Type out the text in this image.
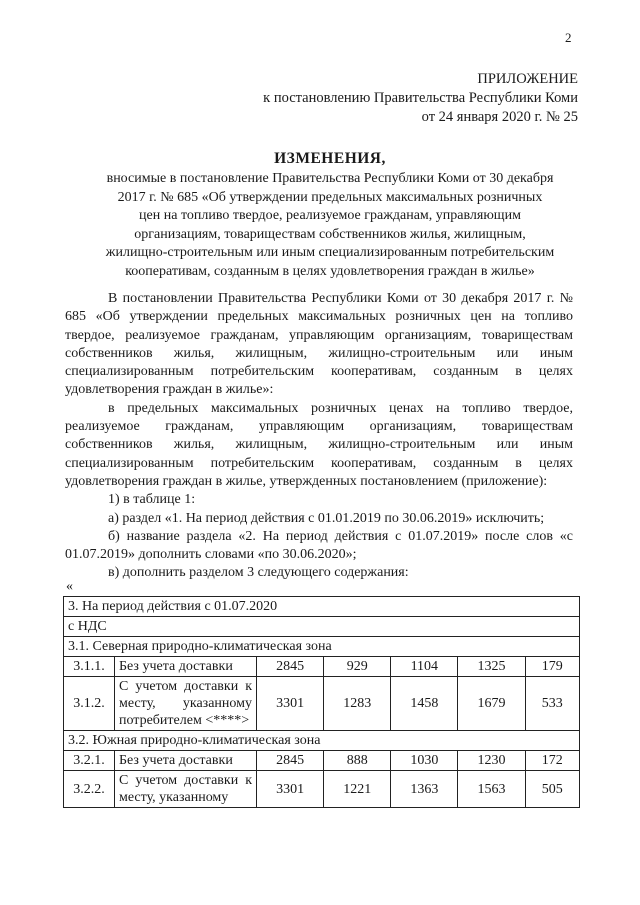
2
ПРИЛОЖЕНИЕ
к постановлению Правительства Республики Коми
от 24 января 2020 г. № 25
ИЗМЕНЕНИЯ,
вносимые в постановление Правительства Республики Коми от 30 декабря
2017 г. № 685 «Об утверждении предельных максимальных розничных
цен на топливо твердое, реализуемое гражданам, управляющим
организациям, товариществам собственников жилья, жилищным,
жилищно-строительным или иным специализированным потребительским
кооперативам, созданным в целях удовлетворения граждан в жилье»

В постановлении Правительства Республики Коми от 30 декабря 2017 г. № 685 «Об утверждении предельных максимальных розничных цен на топливо твердое, реализуемое гражданам, управляющим организациям, товариществам собственников жилья, жилищным, жилищно-строительным или иным специализированным потребительским кооперативам, созданным в целях удовлетворения граждан в жилье»:

в предельных максимальных розничных ценах на топливо твердое, реализуемое гражданам, управляющим организациям, товариществам собственников жилья, жилищным, жилищно-строительным или иным специализированным потребительским кооперативам, созданным в целях удовлетворения граждан в жилье, утвержденных постановлением (приложение):

1) в таблице 1:

а) раздел «1. На период действия с 01.01.2019 по 30.06.2019» исключить;

б) название раздела «2. На период действия с 01.07.2019» после слов «с 01.07.2019» дополнить словами «по 30.06.2020»;

в) дополнить разделом 3 следующего содержания:

«
3. На период действия с 01.07.2020						
с НДС						
3.1. Северная природно-климатическая зона						
3.1.1.	Без учета доставки	2845	929	1104	1325	179
3.1.2.	С учетом доставки к месту, указанному потребителем <****>	3301	1283	1458	1679	533
3.2. Южная природно-климатическая зона						
3.2.1.	Без учета доставки	2845	888	1030	1230	172
3.2.2.	С учетом доставки к месту, указанному	3301	1221	1363	1563	505
